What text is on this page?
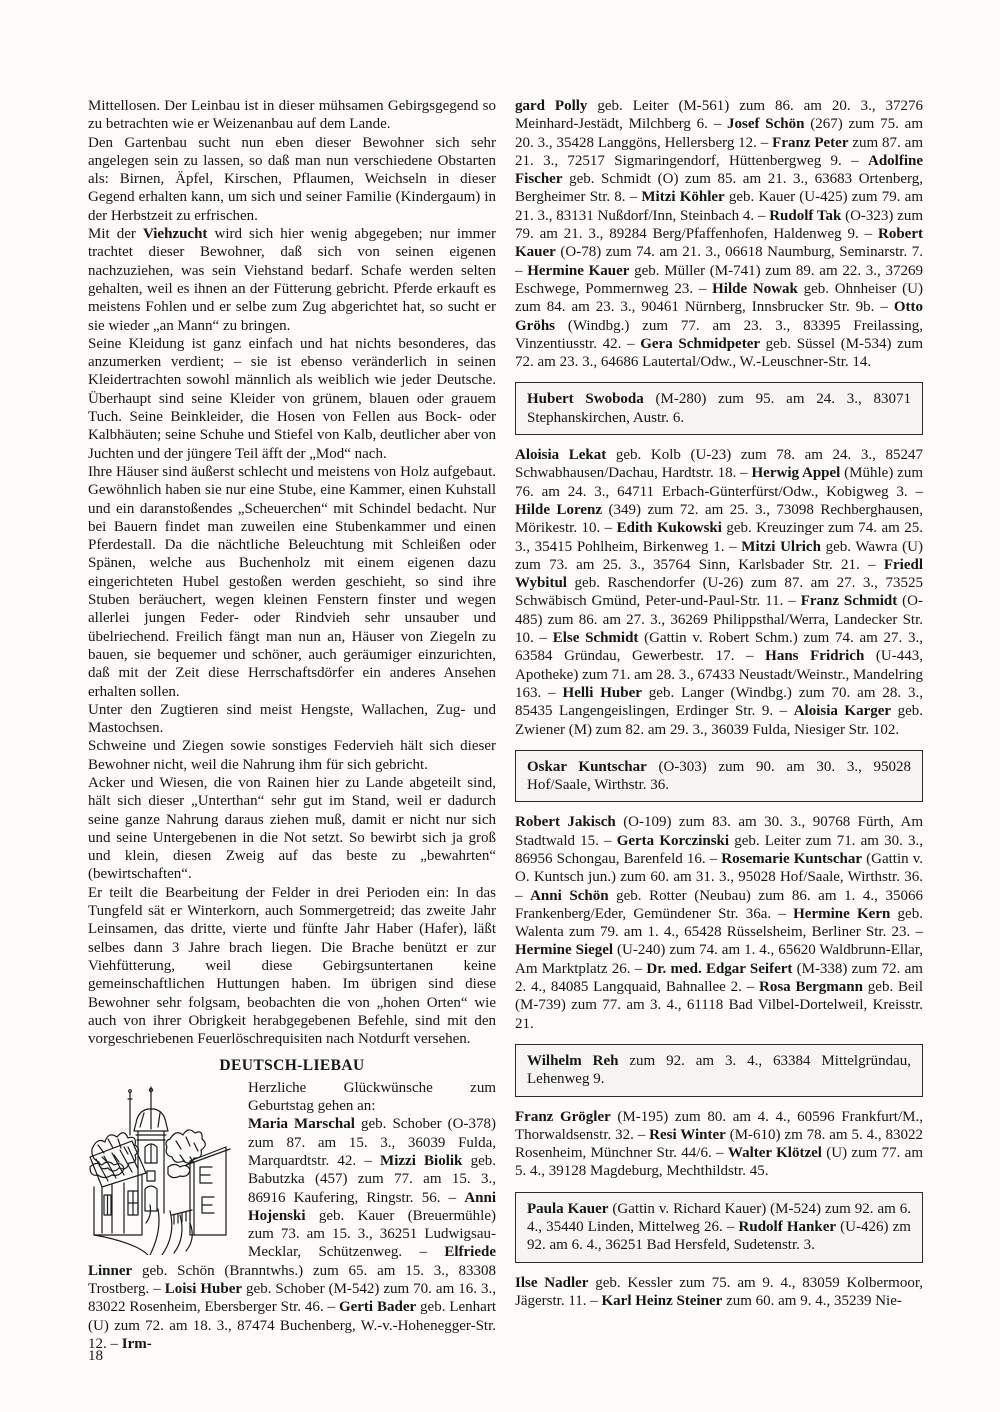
Mittellosen. Der Leinbau ist in dieser mühsamen Gebirgsgegend so zu betrachten wie er Weizenanbau auf dem Lande.

Den Gartenbau sucht nun eben dieser Bewohner sich sehr angelegen sein zu lassen, so daß man nun verschiedene Obstarten als: Birnen, Äpfel, Kirschen, Pflaumen, Weichseln in dieser Gegend erhalten kann, um sich und seiner Familie (Kindergaum) in der Herbstzeit zu erfrischen.

Mit der Viehzucht wird sich hier wenig abgegeben; nur immer trachtet dieser Bewohner, daß sich von seinen eigenen nachzuziehen, was sein Viehstand bedarf. Schafe werden selten gehalten, weil es ihnen an der Fütterung gebricht. Pferde erkauft es meistens Fohlen und er selbe zum Zug abgerichtet hat, so sucht er sie wieder „an Mann“ zu bringen.

Seine Kleidung ist ganz einfach und hat nichts besonderes, das anzumerken verdient; – sie ist ebenso veränderlich in seinen Kleidertrachten sowohl männlich als weiblich wie jeder Deutsche. Überhaupt sind seine Kleider von grünem, blauen oder grauem Tuch. Seine Beinkleider, die Hosen von Fellen aus Bock- oder Kalbhäuten; seine Schuhe und Stiefel von Kalb, deutlicher aber von Juchten und der jüngere Teil äfft der „Mod“ nach.

Ihre Häuser sind äußerst schlecht und meistens von Holz aufgebaut. Gewöhnlich haben sie nur eine Stube, eine Kammer, einen Kuhstall und ein daranstoßendes „Scheuerchen“ mit Schindel bedacht. Nur bei Bauern findet man zuweilen eine Stubenkammer und einen Pferdestall. Da die nächtliche Beleuchtung mit Schleißen oder Spänen, welche aus Buchenholz mit einem eigenen dazu eingerichteten Hubel gestoßen werden geschieht, so sind ihre Stuben beräuchert, wegen kleinen Fenstern finster und wegen allerlei jungen Feder- oder Rindvieh sehr unsauber und übelriechend. Freilich fängt man nun an, Häuser von Ziegeln zu bauen, sie bequemer und schöner, auch geräumiger einzurichten, daß mit der Zeit diese Herrschaftsdörfer ein anderes Ansehen erhalten sollen.

Unter den Zugtieren sind meist Hengste, Wallachen, Zug- und Mastochsen.

Schweine und Ziegen sowie sonstiges Federvieh hält sich dieser Bewohner nicht, weil die Nahrung ihm für sich gebricht.

Acker und Wiesen, die von Rainen hier zu Lande abgeteilt sind, hält sich dieser „Unterthan“ sehr gut im Stand, weil er dadurch seine ganze Nahrung daraus ziehen muß, damit er nicht nur sich und seine Untergebenen in die Not setzt. So bewirbt sich ja groß und klein, diesen Zweig auf das beste zu „bewahrten“ (bewirtschaften“.

Er teilt die Bearbeitung der Felder in drei Perioden ein: In das Tungfeld sät er Winterkorn, auch Sommergetreid; das zweite Jahr Leinsamen, das dritte, vierte und fünfte Jahr Haber (Hafer), läßt selbes dann 3 Jahre brach liegen. Die Brache benützt er zur Viehfütterung, weil diese Gebirgsuntertanen keine gemeinschaftlichen Huttungen haben. Im übrigen sind diese Bewohner sehr folgsam, beobachten die von „hohen Orten“ wie auch von ihrer Obrigkeit herabgegebenen Befehle, sind mit den vorgeschriebenen Feuerlöschrequisiten nach Notdurft versehen.

DEUTSCH-LIEBAU

Herzliche Glückwünsche zum Geburtstag gehen an:

Maria Marschal geb. Schober (O-378) zum 87. am 15. 3., 36039 Fulda, Marquardtstr. 42. – Mizzi Biolik geb. Babutzka (457) zum 77. am 15. 3., 86916 Kaufering, Ringstr. 56. – Anni Hojenski geb. Kauer (Breuermühle) zum 73. am 15. 3., 36251 Ludwigsau-Mecklar, Schützenweg. – Elfriede Linner geb. Schön (Branntwhs.) zum 65. am 15. 3., 83308 Trostberg. – Loisi Huber geb. Schober (M-542) zum 70. am 16. 3., 83022 Rosenheim, Ebersberger Str. 46. – Gerti Bader geb. Lenhart (U) zum 72. am 18. 3., 87474 Buchenberg, W.-v.-Hohenegger-Str. 12. – Irm-

gard Polly geb. Leiter (M-561) zum 86. am 20. 3., 37276 Meinhard-Jestädt, Milchberg 6. – Josef Schön (267) zum 75. am 20. 3., 35428 Langgöns, Hellersberg 12. – Franz Peter zum 87. am 21. 3., 72517 Sigmaringendorf, Hüttenbergweg 9. – Adolfine Fischer geb. Schmidt (O) zum 85. am 21. 3., 63683 Ortenberg, Bergheimer Str. 8. – Mitzi Köhler geb. Kauer (U-425) zum 79. am 21. 3., 83131 Nußdorf/Inn, Steinbach 4. – Rudolf Tak (O-323) zum 79. am 21. 3., 89284 Berg/Pfaffenhofen, Haldenweg 9. – Robert Kauer (O-78) zum 74. am 21. 3., 06618 Naumburg, Seminarstr. 7. – Hermine Kauer geb. Müller (M-741) zum 89. am 22. 3., 37269 Eschwege, Pommernweg 23. – Hilde Nowak geb. Ohnheiser (U) zum 84. am 23. 3., 90461 Nürnberg, Innsbrucker Str. 9b. – Otto Gröhs (Windbg.) zum 77. am 23. 3., 83395 Freilassing, Vinzentiusstr. 42. – Gera Schmidpeter geb. Süssel (M-534) zum 72. am 23. 3., 64686 Lautertal/Odw., W.-Leuschner-Str. 14.
Hubert Swoboda (M-280) zum 95. am 24. 3., 83071 Stephanskirchen, Austr. 6.
Aloisia Lekat geb. Kolb (U-23) zum 78. am 24. 3., 85247 Schwabhausen/Dachau, Hardtstr. 18. – Herwig Appel (Mühle) zum 76. am 24. 3., 64711 Erbach-Günterfürst/Odw., Kobigweg 3. – Hilde Lorenz (349) zum 72. am 25. 3., 73098 Rechberghausen, Mörikestr. 10. – Edith Kukowski geb. Kreuzinger zum 74. am 25. 3., 35415 Pohlheim, Birkenweg 1. – Mitzi Ulrich geb. Wawra (U) zum 73. am 25. 3., 35764 Sinn, Karlsbader Str. 21. – Friedl Wybitul geb. Raschendorfer (U-26) zum 87. am 27. 3., 73525 Schwäbisch Gmünd, Peter-und-Paul-Str. 11. – Franz Schmidt (O-485) zum 86. am 27. 3., 36269 Philippsthal/Werra, Landecker Str. 10. – Else Schmidt (Gattin v. Robert Schm.) zum 74. am 27. 3., 63584 Gründau, Gewerbestr. 17. – Hans Fridrich (U-443, Apotheke) zum 71. am 28. 3., 67433 Neustadt/Weinstr., Mandelring 163. – Helli Huber geb. Langer (Windbg.) zum 70. am 28. 3., 85435 Langengeislingen, Erdinger Str. 9. – Aloisia Karger geb. Zwiener (M) zum 82. am 29. 3., 36039 Fulda, Niesiger Str. 102.
Oskar Kuntschar (O-303) zum 90. am 30. 3., 95028 Hof/Saale, Wirthstr. 36.
Robert Jakisch (O-109) zum 83. am 30. 3., 90768 Fürth, Am Stadtwald 15. – Gerta Korczinski geb. Leiter zum 71. am 30. 3., 86956 Schongau, Barenfeld 16. – Rosemarie Kuntschar (Gattin v. O. Kuntsch jun.) zum 60. am 31. 3., 95028 Hof/Saale, Wirthstr. 36. – Anni Schön geb. Rotter (Neubau) zum 86. am 1. 4., 35066 Frankenberg/Eder, Gemündener Str. 36a. – Hermine Kern geb. Walenta zum 79. am 1. 4., 65428 Rüsselsheim, Berliner Str. 23. – Hermine Siegel (U-240) zum 74. am 1. 4., 65620 Waldbrunn-Ellar, Am Marktplatz 26. – Dr. med. Edgar Seifert (M-338) zum 72. am 2. 4., 84085 Langquaid, Bahnallee 2. – Rosa Bergmann geb. Beil (M-739) zum 77. am 3. 4., 61118 Bad Vilbel-Dortelweil, Kreisstr. 21.
Wilhelm Reh zum 92. am 3. 4., 63384 Mittelgründau, Lehenweg 9.
Franz Grögler (M-195) zum 80. am 4. 4., 60596 Frankfurt/M., Thorwaldsenstr. 32. – Resi Winter (M-610) zm 78. am 5. 4., 83022 Rosenheim, Münchner Str. 44/6. – Walter Klötzel (U) zum 77. am 5. 4., 39128 Magdeburg, Mechthildstr. 45.
Paula Kauer (Gattin v. Richard Kauer) (M-524) zum 92. am 6. 4., 35440 Linden, Mittelweg 26. – Rudolf Hanker (U-426) zm 92. am 6. 4., 36251 Bad Hersfeld, Sudetenstr. 3.
Ilse Nadler geb. Kessler zum 75. am 9. 4., 83059 Kolbermoor, Jägerstr. 11. – Karl Heinz Steiner zum 60. am 9. 4., 35239 Nie-
18
